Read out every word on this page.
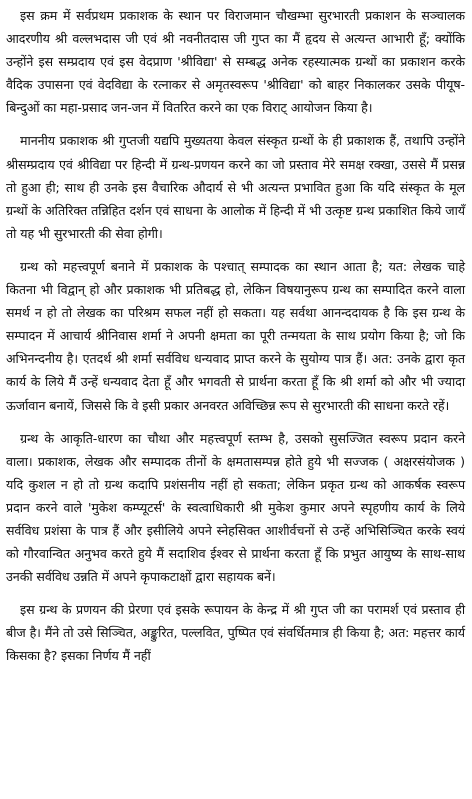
इस क्रम में सर्वप्रथम प्रकाशक के स्थान पर विराजमान चौखम्भा सुरभारती प्रकाशन के सञ्चालक आदरणीय श्री वल्लभदास जी एवं श्री नवनीतदास जी गुप्त का मैं हृदय से अत्यन्त आभारी हूँ; क्योंकि उन्होंने इस सम्प्रदाय एवं इस वेदप्राण 'श्रीविद्या' से सम्बद्ध अनेक रहस्यात्मक ग्रन्थों का प्रकाशन करके वैदिक उपासना एवं वेदविद्या के रत्नाकर से अमृतस्वरूप 'श्रीविद्या' को बाहर निकालकर उसके पीयूष-बिन्दुओं का महा-प्रसाद जन-जन में वितरित करने का एक विराट् आयोजन किया है।

माननीय प्रकाशक श्री गुप्तजी यद्यपि मुख्यतया केवल संस्कृत ग्रन्थों के ही प्रकाशक हैं, तथापि उन्होंने श्रीसम्प्रदाय एवं श्रीविद्या पर हिन्दी में ग्रन्थ-प्रणयन करने का जो प्रस्ताव मेरे समक्ष रक्खा, उससे मैं प्रसन्न तो हुआ ही; साथ ही उनके इस वैचारिक औदार्य से भी अत्यन्त प्रभावित हुआ कि यदि संस्कृत के मूल ग्रन्थों के अतिरिक्त तन्निहित दर्शन एवं साधना के आलोक में हिन्दी में भी उत्कृष्ट ग्रन्थ प्रकाशित किये जायँ तो यह भी सुरभारती की सेवा होगी।

ग्रन्थ को महत्त्वपूर्ण बनाने में प्रकाशक के पश्चात् सम्पादक का स्थान आता है; यत: लेखक चाहे कितना भी विद्वान् हो और प्रकाशक भी प्रतिबद्ध हो, लेकिन विषयानुरूप ग्रन्थ का सम्पादित करने वाला समर्थ न हो तो लेखक का परिश्रम सफल नहीं हो सकता। यह सर्वथा आनन्ददायक है कि इस ग्रन्थ के सम्पादन में आचार्य श्रीनिवास शर्मा ने अपनी क्षमता का पूरी तन्मयता के साथ प्रयोग किया है; जो कि अभिनन्दनीय है। एतदर्थ श्री शर्मा सर्वविध धन्यवाद प्राप्त करने के सुयोग्य पात्र हैं। अत: उनके द्वारा कृत कार्य के लिये मैं उन्हें धन्यवाद देता हूँ और भगवती से प्रार्थना करता हूँ कि श्री शर्मा को और भी ज्यादा ऊर्जावान बनायें, जिससे कि वे इसी प्रकार अनवरत अविच्छिन्न रूप से सुरभारती की साधना करते रहें।

ग्रन्थ के आकृति-धारण का चौथा और महत्त्वपूर्ण स्तम्भ है, उसको सुसज्जित स्वरूप प्रदान करने वाला। प्रकाशक, लेखक और सम्पादक तीनों के क्षमतासम्पन्न होते हुये भी सज्जक ( अक्षरसंयोजक ) यदि कुशल न हो तो ग्रन्थ कदापि प्रशंसनीय नहीं हो सकता; लेकिन प्रकृत ग्रन्थ को आकर्षक स्वरूप प्रदान करने वाले 'मुकेश कम्प्यूटर्स' के स्वत्वाधिकारी श्री मुकेश कुमार अपने स्पृहणीय कार्य के लिये सर्वविध प्रशंसा के पात्र हैं और इसीलिये अपने स्नेहसिक्त आशीर्वचनों से उन्हें अभिसिञ्चित करके स्वयं को गौरवान्वित अनुभव करते हुये मैं सदाशिव ईश्वर से प्रार्थना करता हूँ कि प्रभुत आयुष्य के साथ-साथ उनकी सर्वविध उन्नति में अपने कृपाकटाक्षों द्वारा सहायक बनें।

इस ग्रन्थ के प्रणयन की प्रेरणा एवं इसके रूपायन के केन्द्र में श्री गुप्त जी का परामर्श एवं प्रस्ताव ही बीज है। मैंने तो उसे सिञ्चित, अङ्कुरित, पल्लवित, पुष्पित एवं संवर्धितमात्र ही किया है; अत: महत्तर कार्य किसका है? इसका निर्णय मैं नहीं
